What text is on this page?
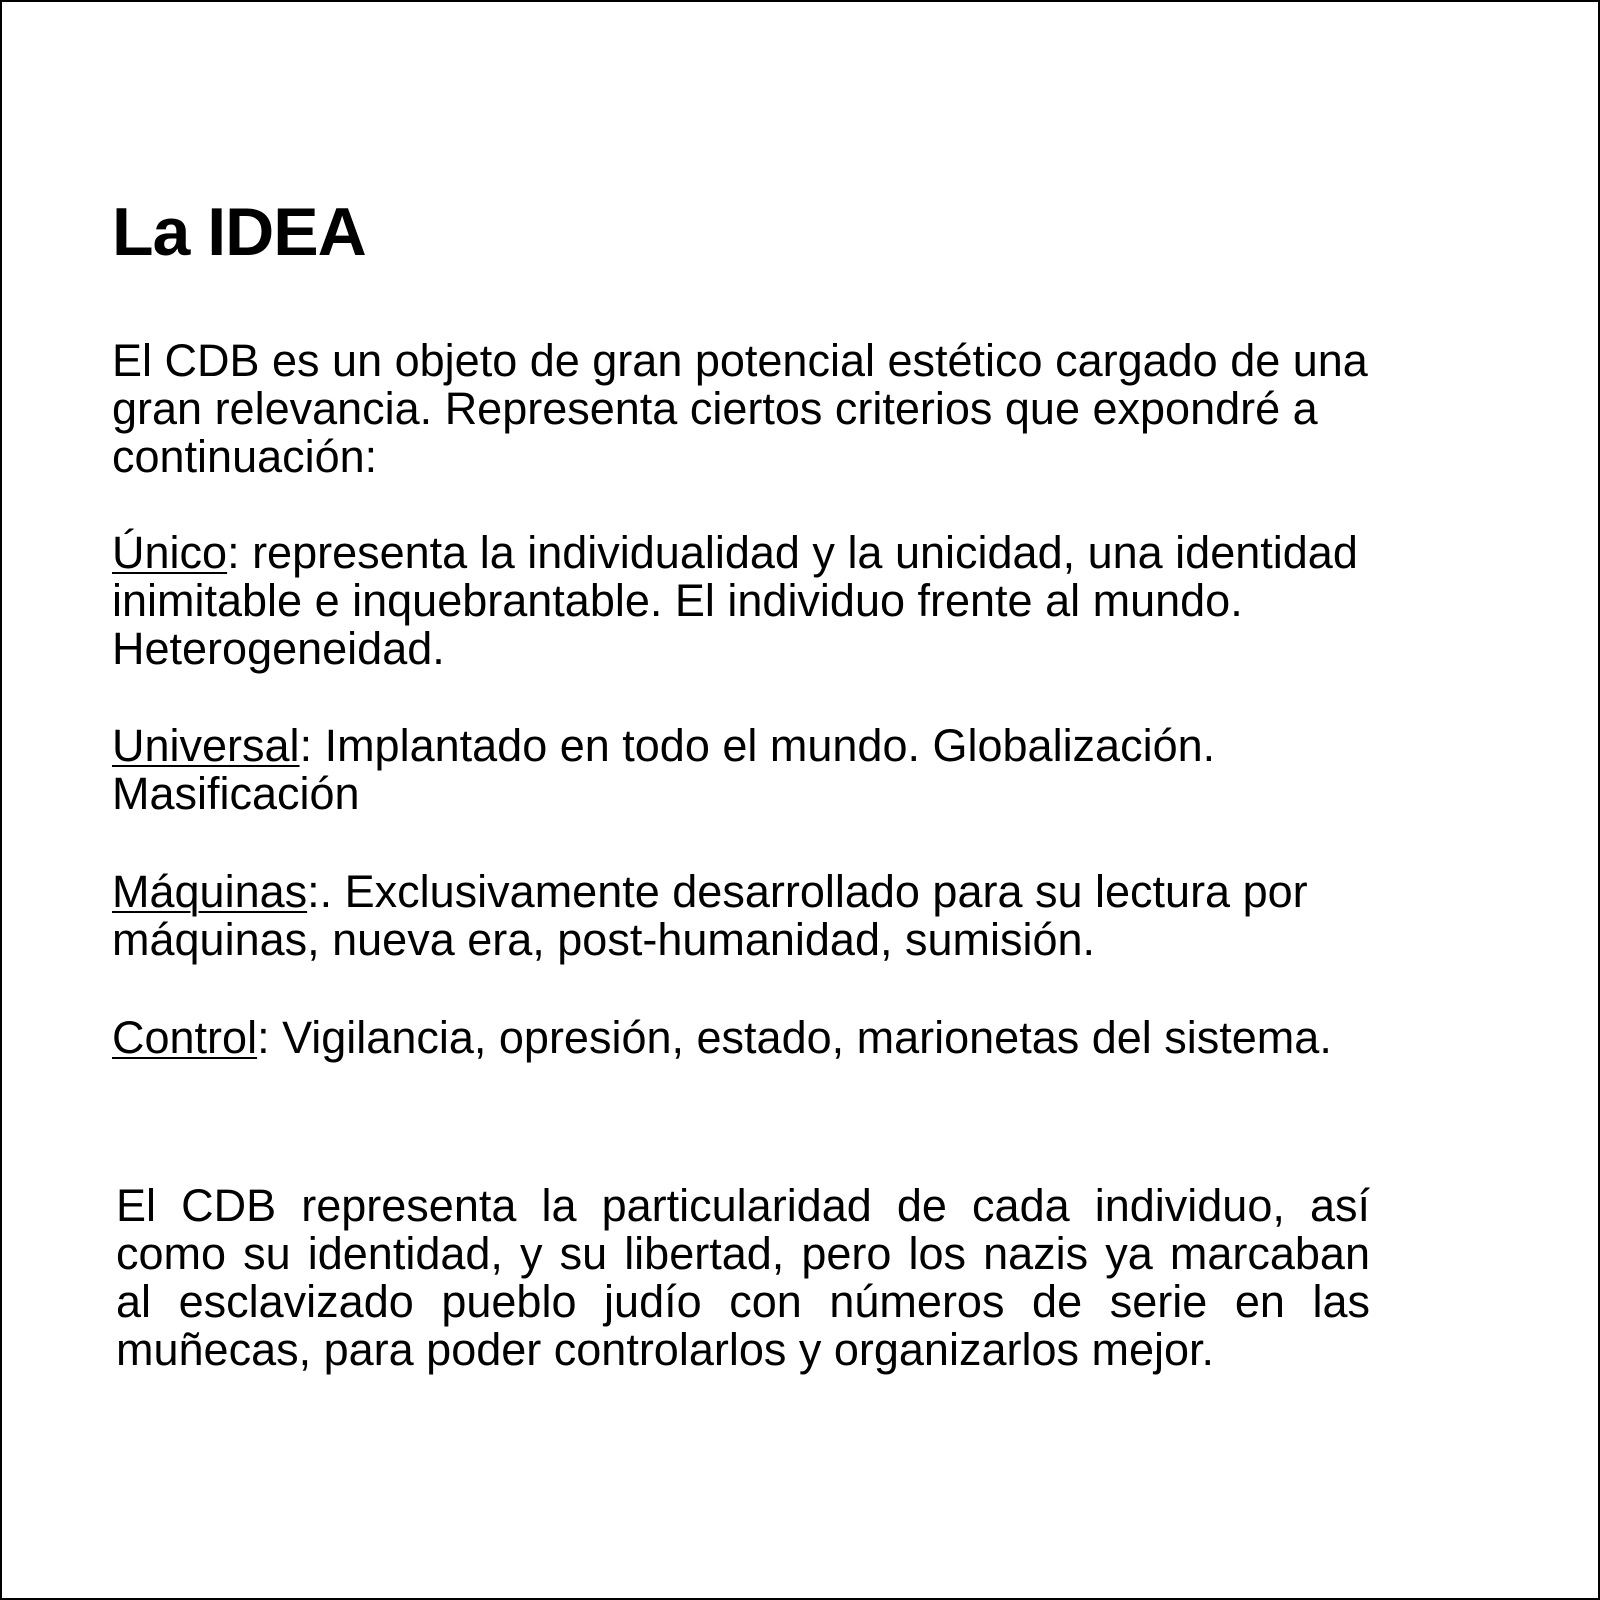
La IDEA

El CDB es un objeto de gran potencial estético cargado de una gran relevancia. Representa ciertos criterios que expondré a continuación:

Único: representa la individualidad y la unicidad, una identidad inimitable e inquebrantable. El individuo frente al mundo. Heterogeneidad.

Universal: Implantado en todo el mundo. Globalización. Masificación

Máquinas:. Exclusivamente desarrollado para su lectura por máquinas, nueva era, post-humanidad, sumisión.

Control: Vigilancia, opresión, estado, marionetas del sistema.

El CDB representa la particularidad de cada individuo, así como su identidad, y su libertad, pero los nazis ya marcaban al esclavizado pueblo judío con números de serie en las muñecas, para poder controlarlos y organizarlos mejor.
